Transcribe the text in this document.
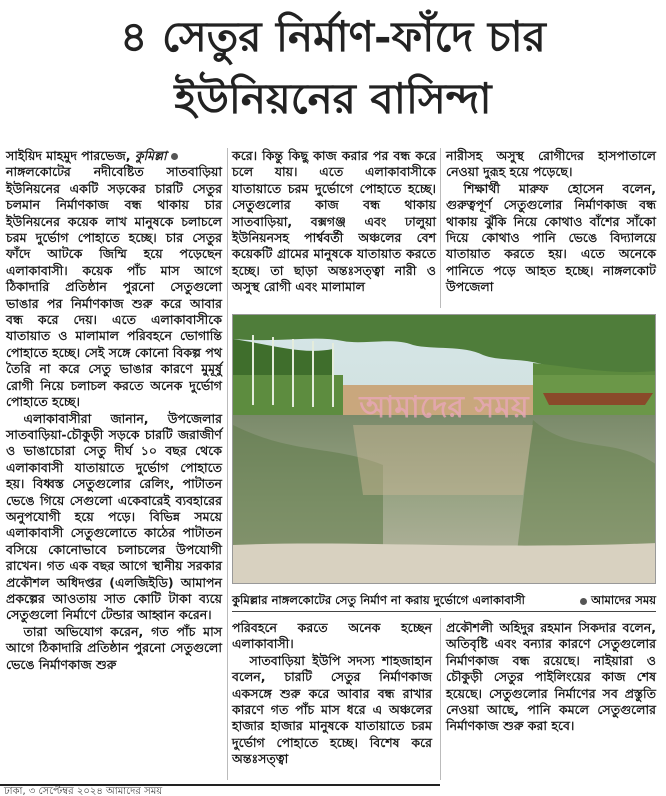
৪ সেতুর নির্মাণ-ফাঁদে চার
ইউনিয়নের বাসিন্দা

সাইয়িদ মাহমুদ পারভেজ, কুমিল্লা

নাঙ্গলকোটের নদীবেষ্টিত সাতবাড়িয়া ইউনিয়নের একটি সড়কের চারটি সেতুর চলমান নির্মাণকাজ বন্ধ থাকায় চার ইউনিয়নের কয়েক লাখ মানুষকে চলাচলে চরম দুর্ভোগ পোহাতে হচ্ছে। চার সেতুর ফাঁদে আটকে জিম্মি হয়ে পড়েছেন এলাকাবাসী। কয়েক পাঁচ মাস আগে ঠিকাদারি প্রতিষ্ঠান পুরনো সেতুগুলো ভাঙার পর নির্মাণকাজ শুরু করে আবার বন্ধ করে দেয়। এতে এলাকাবাসীকে যাতায়াত ও মালামাল পরিবহনে ভোগান্তি পোহাতে হচ্ছে। সেই সঙ্গে কোনো বিকল্প পথ তৈরি না করে সেতু ভাঙার কারণে মুমূর্ষু রোগী নিয়ে চলাচল করতে অনেক দুর্ভোগ পোহাতে হচ্ছে।

এলাকাবাসীরা জানান, উপজেলার সাতবাড়িয়া-চৌকুড়ী সড়কে চারটি জরাজীর্ণ ও ভাঙাচোরা সেতু দীর্ঘ ১০ বছর থেকে এলাকাবাসী যাতায়াতে দুর্ভোগ পোহাতে হয়। বিধ্বস্ত সেতুগুলোর রেলিং, পাটাতন ভেঙে গিয়ে সেগুলো একেবারেই ব্যবহারের অনুপযোগী হয়ে পড়ে। বিভিন্ন সময়ে এলাকাবাসী সেতুগুলোতে কাঠের পাটাতন বসিয়ে কোনোভাবে চলাচলের উপযোগী রাখেন। গত এক বছর আগে স্থানীয় সরকার প্রকৌশল অধিদপ্তর (এলজিইডি) আমাপন প্রকল্পের আওতায় সাত কোটি টাকা ব্যয়ে সেতুগুলো নির্মাণে টেন্ডার আহ্বান করেন।

তারা অভিযোগ করেন, গত পাঁচ মাস আগে ঠিকাদারি প্রতিষ্ঠান পুরনো সেতুগুলো ভেঙে নির্মাণকাজ শুরু

করে। কিন্তু কিছু কাজ করার পর বন্ধ করে চলে যায়। এতে এলাকাবাসীকে যাতায়াতে চরম দুর্ভোগে পোহাতে হচ্ছে। সেতুগুলোর কাজ বন্ধ থাকায় সাতবাড়িয়া, বক্সগঞ্জ এবং ঢালুয়া ইউনিয়নসহ পার্শ্ববর্তী অঞ্চলের বেশ কয়েকটি গ্রামের মানুষকে যাতায়াত করতে হচ্ছে। তা ছাড়া অন্তঃসত্ত্বা নারী ও অসুস্থ রোগী এবং মালামাল

নারীসহ অসুস্থ রোগীদের হাসপাতালে নেওয়া দুরূহ হয়ে পড়েছে।

শিক্ষার্থী মারুফ হোসেন বলেন, গুরুত্বপূর্ণ সেতুগুলোর নির্মাণকাজ বন্ধ থাকায় ঝুঁকি নিয়ে কোথাও বাঁশের সাঁকো দিয়ে কোথাও পানি ভেঙে বিদ্যালয়ে যাতায়াত করতে হয়। এতে অনেকে পানিতে পড়ে আহত হচ্ছে। নাঙ্গলকোট উপজেলা

আমাদের সময়
কুমিল্লার নাঙ্গলকোটের সেতু নির্মাণ না করায় দুর্ভোগে এলাকাবাসী	আমাদের সময়

পরিবহনে করতে অনেক হচ্ছেন এলাকাবাসী।

সাতবাড়িয়া ইউপি সদস্য শাহজাহান বলেন, চারটি সেতুর নির্মাণকাজ একসঙ্গে শুরু করে আবার বন্ধ রাখার কারণে গত পাঁচ মাস ধরে এ অঞ্চলের হাজার হাজার মানুষকে যাতায়াতে চরম দুর্ভোগ পোহাতে হচ্ছে। বিশেষ করে অন্তঃসত্ত্বা

প্রকৌশলী অহিদুর রহমান সিকদার বলেন, অতিবৃষ্টি এবং বন্যার কারণে সেতুগুলোর নির্মাণকাজ বন্ধ রয়েছে। নাইয়ারা ও চৌকুড়ী সেতুর পাইলিংয়ের কাজ শেষ হয়েছে। সেতুগুলোর নির্মাণের সব প্রস্তুতি নেওয়া আছে, পানি কমলে সেতুগুলোর নির্মাণকাজ শুরু করা হবে।

ঢাকা, ৩ সেপ্টেম্বর ২০২৪ আমাদের সময়
